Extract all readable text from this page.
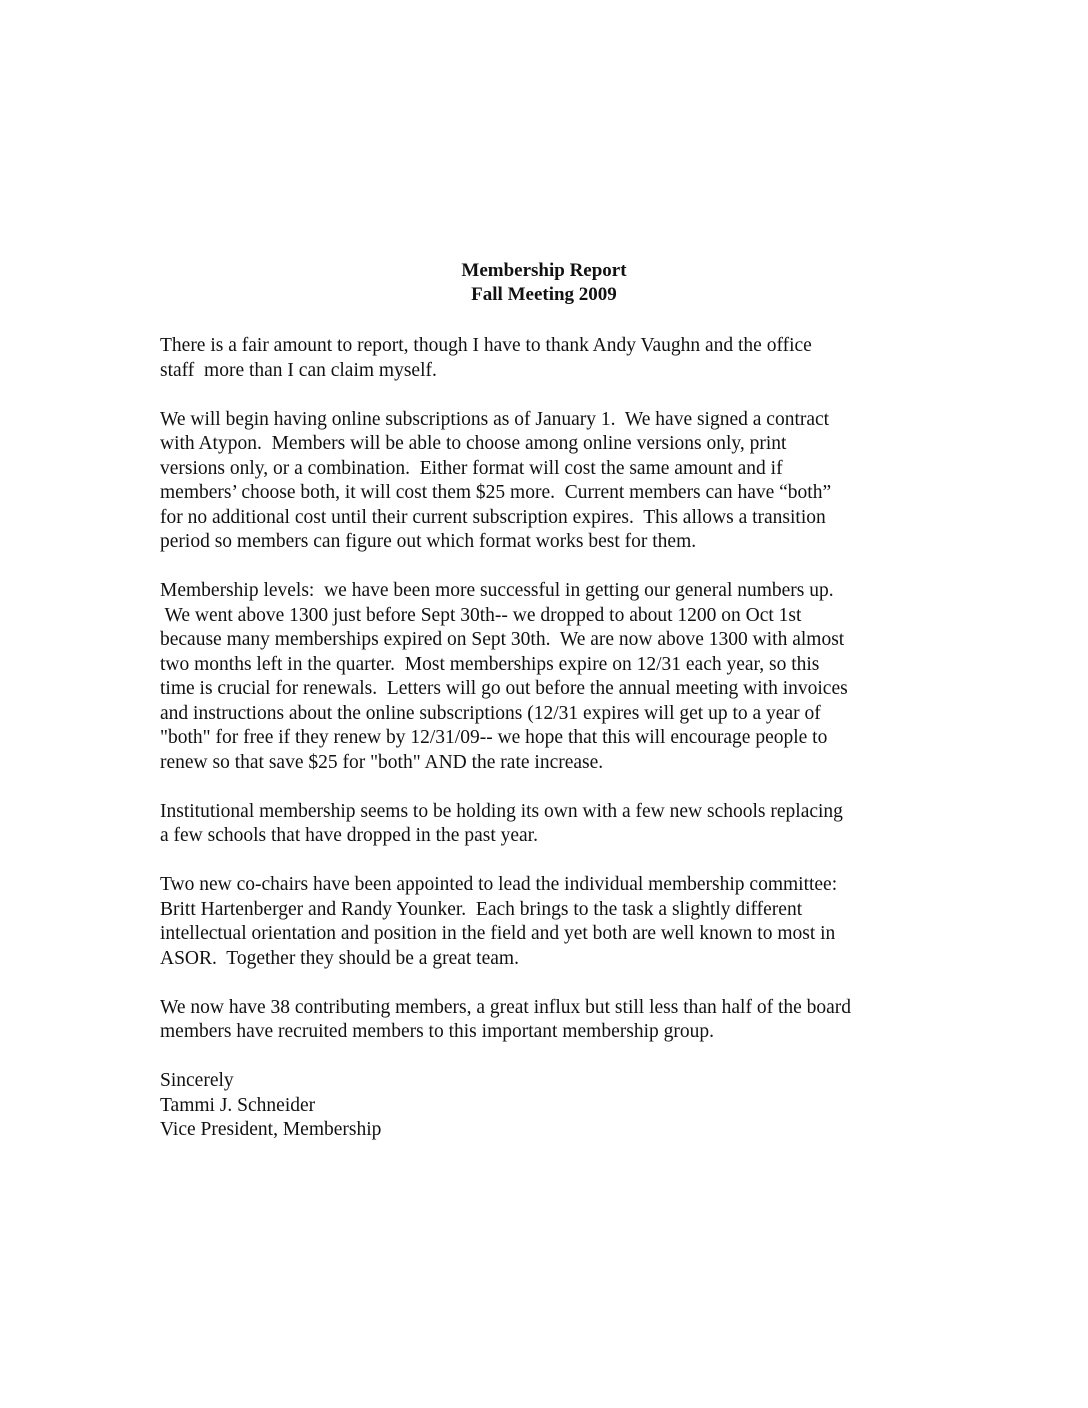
Membership Report
Fall Meeting 2009
There is a fair amount to report, though I have to thank Andy Vaughn and the office
staff  more than I can claim myself.
We will begin having online subscriptions as of January 1.  We have signed a contract
with Atypon.  Members will be able to choose among online versions only, print
versions only, or a combination.  Either format will cost the same amount and if
members’ choose both, it will cost them $25 more.  Current members can have “both”
for no additional cost until their current subscription expires.  This allows a transition
period so members can figure out which format works best for them.
Membership levels:  we have been more successful in getting our general numbers up.
We went above 1300 just before Sept 30th-- we dropped to about 1200 on Oct 1st
because many memberships expired on Sept 30th.  We are now above 1300 with almost
two months left in the quarter.  Most memberships expire on 12/31 each year, so this
time is crucial for renewals.  Letters will go out before the annual meeting with invoices
and instructions about the online subscriptions (12/31 expires will get up to a year of
"both" for free if they renew by 12/31/09-- we hope that this will encourage people to
renew so that save $25 for "both" AND the rate increase.
Institutional membership seems to be holding its own with a few new schools replacing
a few schools that have dropped in the past year.
Two new co-chairs have been appointed to lead the individual membership committee:
Britt Hartenberger and Randy Younker.  Each brings to the task a slightly different
intellectual orientation and position in the field and yet both are well known to most in
ASOR.  Together they should be a great team.
We now have 38 contributing members, a great influx but still less than half of the board
members have recruited members to this important membership group.
Sincerely
Tammi J. Schneider
Vice President, Membership
